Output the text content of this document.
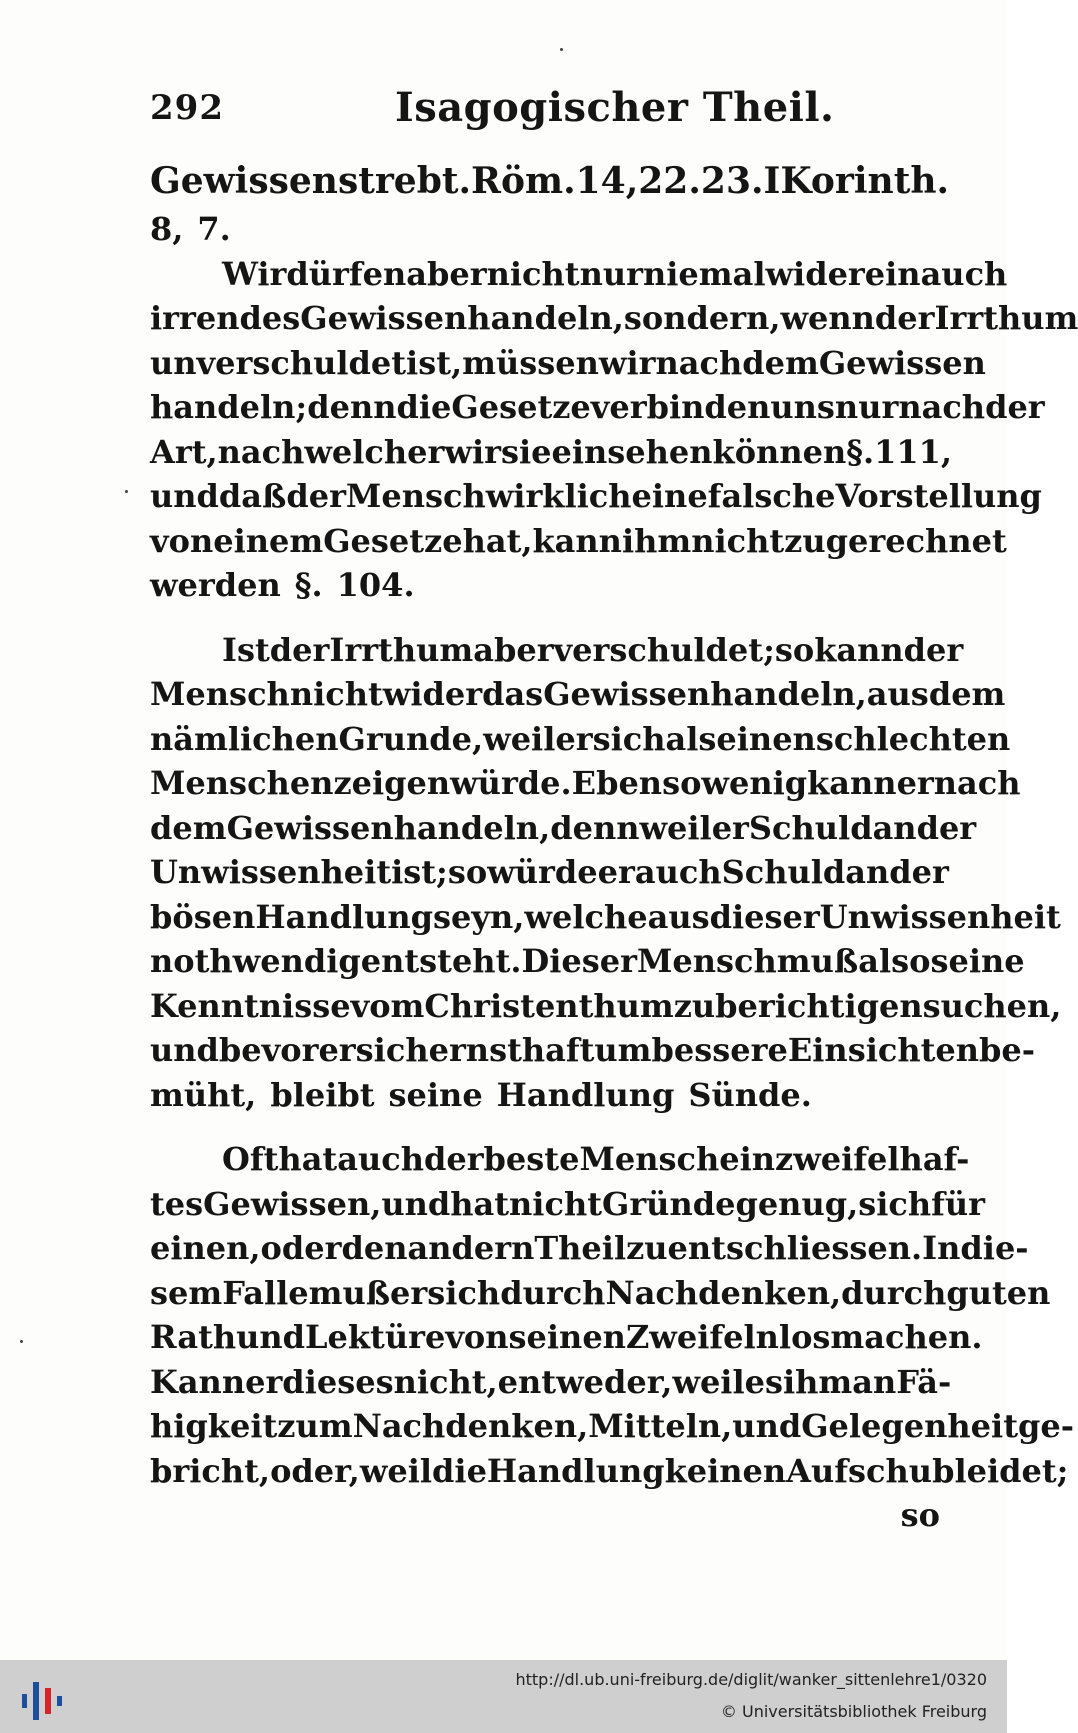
292	Isagogischer Theil.
Gewissen strebt. Röm. 14, 22. 23. I Korinth.
8, 7.
Wir dürfen aber nicht nur niemal wider ein auch
irrendes Gewissen handeln, sondern, wenn der Irrthum
unverschuldet ist, müssen wir nach dem Gewissen
handeln; denn die Gesetze verbinden uns nur nach der
Art, nach welcher wir sie einsehen können §. 111,
und daß der Mensch wirklich eine falsche Vorstellung
von einem Gesetze hat, kann ihm nicht zugerechnet
werden §. 104.
Ist der Irrthum aber verschuldet; so kann der
Mensch nicht wider das Gewissen handeln, aus dem
nämlichen Grunde, weil er sich als einen schlechten
Menschen zeigen würde. Eben so wenig kann er nach
dem Gewissen handeln, denn weil er Schuld an der
Unwissenheit ist; so würde er auch Schuld an der
bösen Handlung seyn, welche aus dieser Unwissenheit
nothwendig entsteht. Dieser Mensch muß also seine
Kenntnisse vom Christenthum zu berichtigen suchen,
und bevor er sich ernsthaft um bessere Einsichten be-
müht, bleibt seine Handlung Sünde.
Oft hat auch der beste Mensch ein zweifelhaf-
tes Gewissen, und hat nicht Gründe genug, sich für
einen, oder den andern Theil zu entschliessen. In die-
sem Falle muß er sich durch Nachdenken, durch guten
Rath und Lektüre von seinen Zweifeln losmachen.
Kann er dieses nicht, entweder, weil es ihm an Fä-
higkeit zum Nachdenken, Mitteln, und Gelegenheit ge-
bricht, oder, weil die Handlung keinen Aufschub leidet;
so
http://dl.ub.uni-freiburg.de/diglit/wanker_sittenlehre1/0320
© Universitätsbibliothek Freiburg
